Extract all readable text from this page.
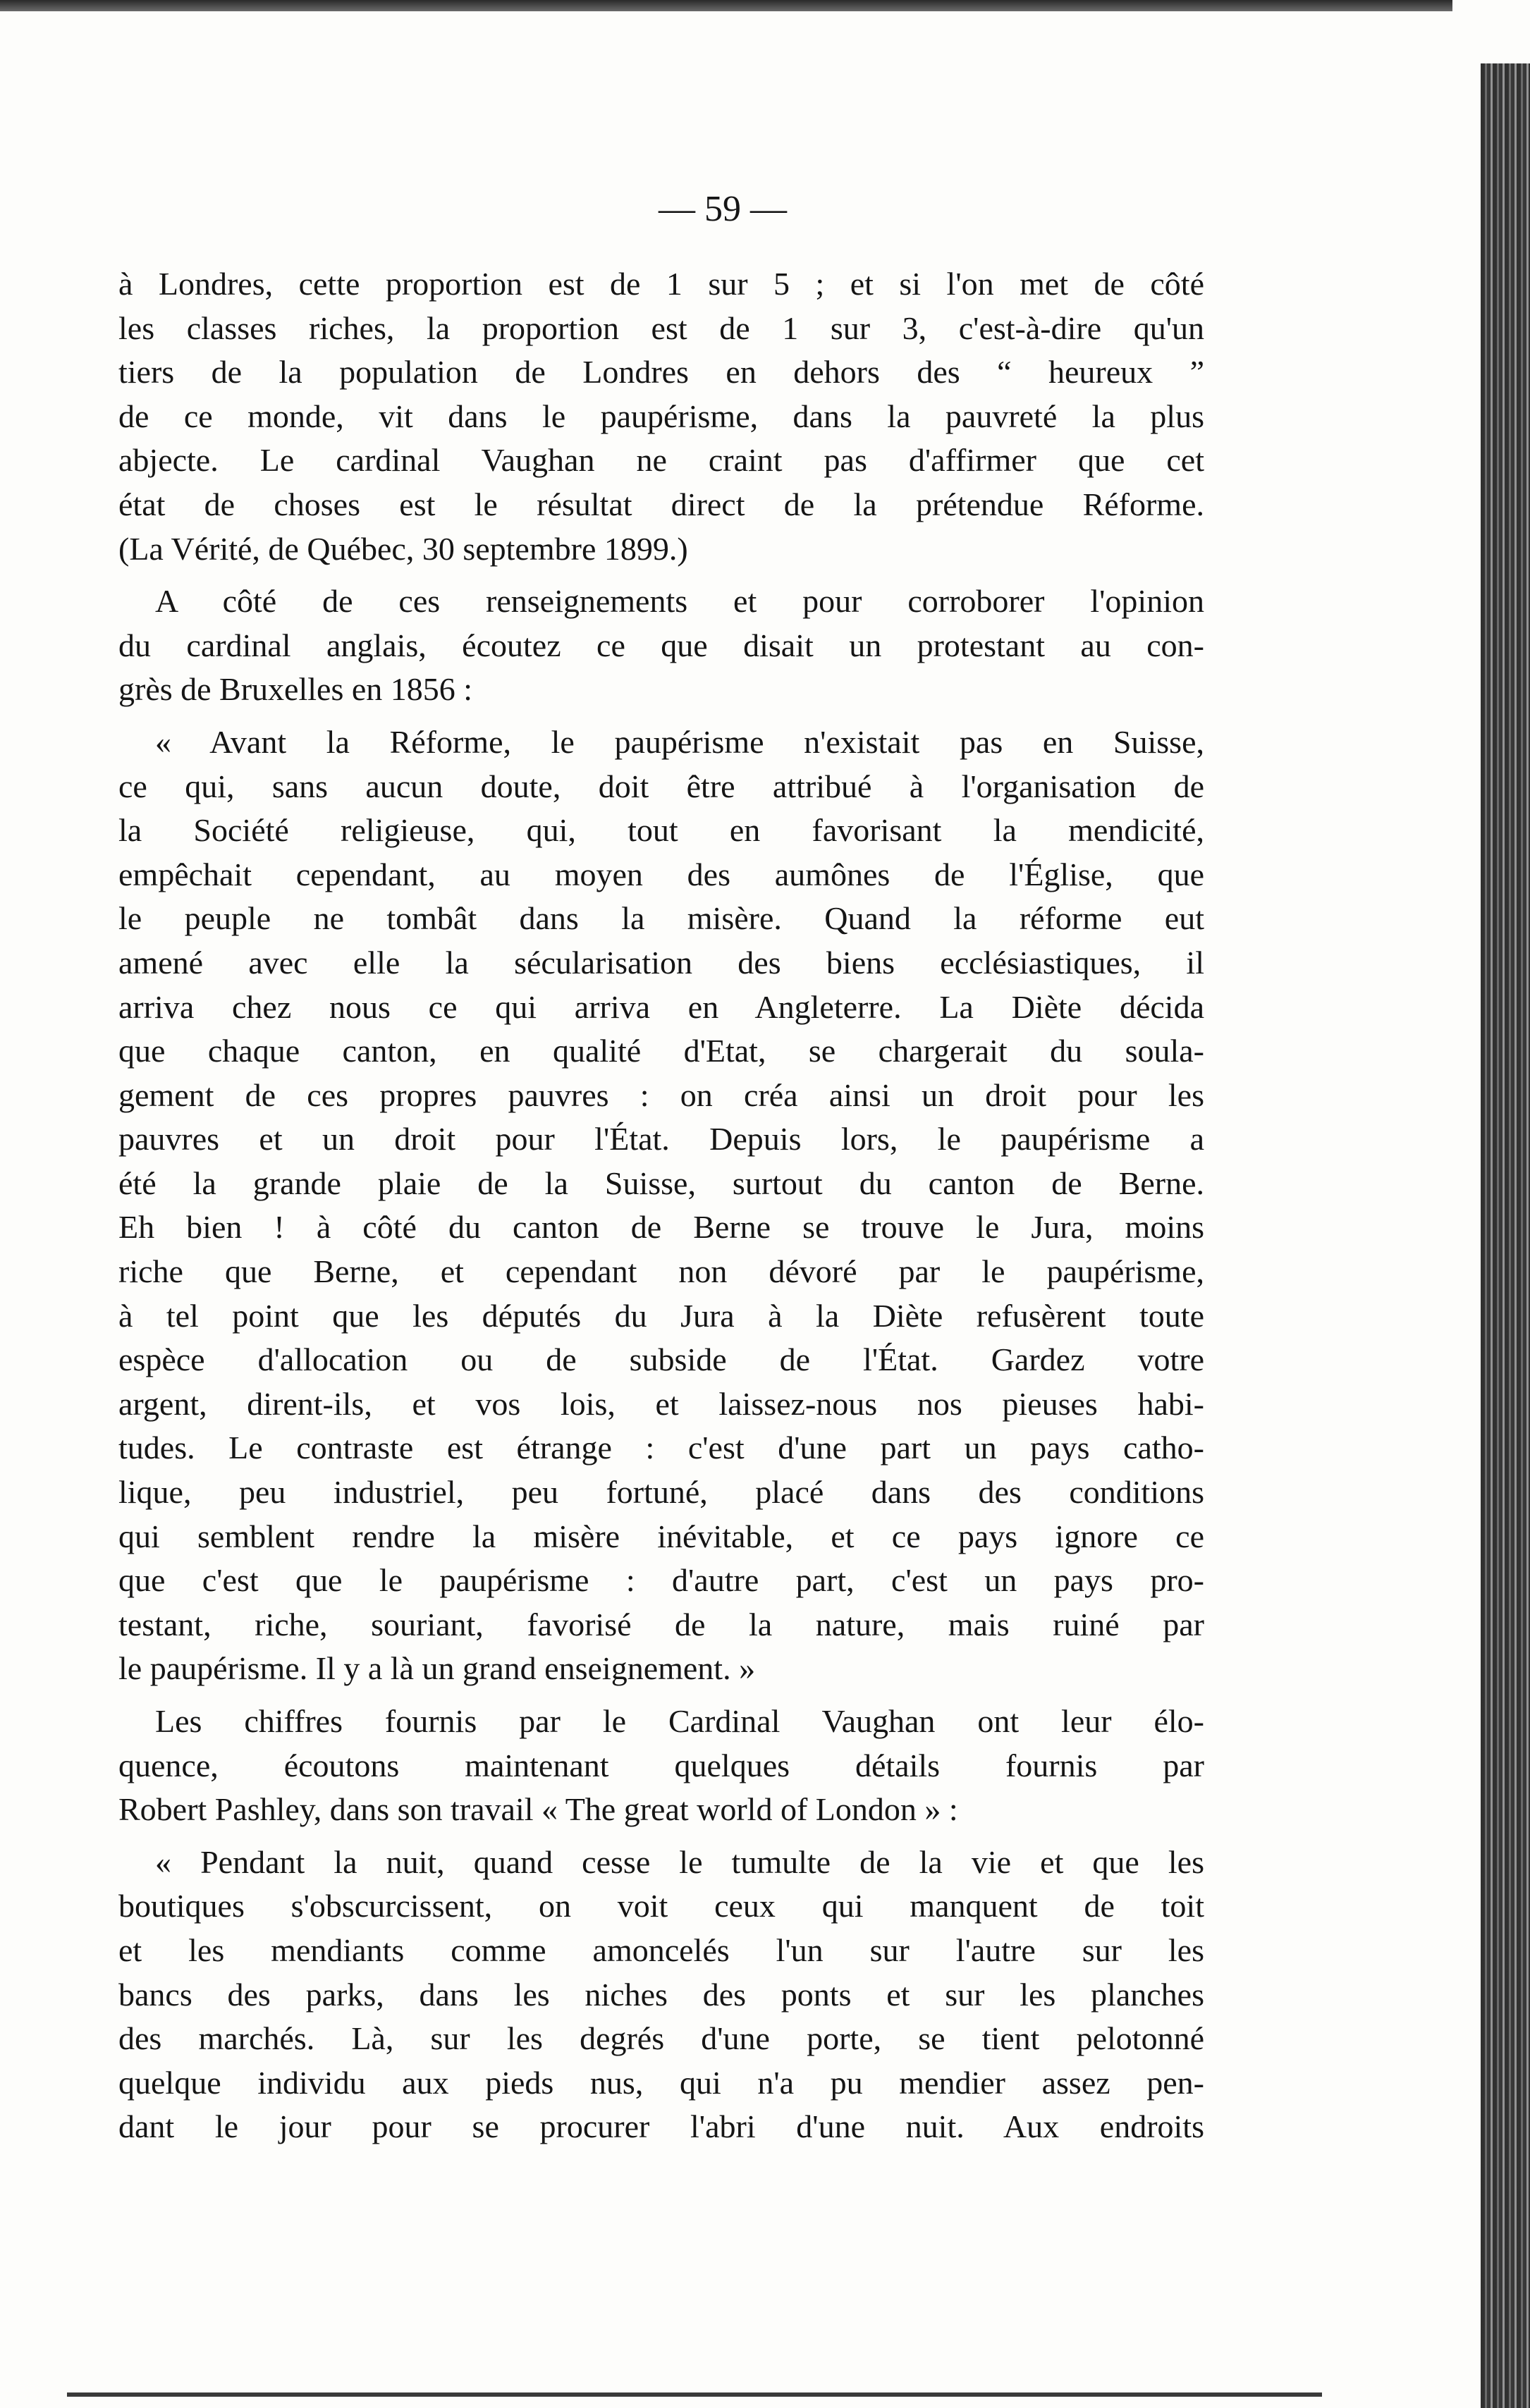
— 59 —
à Londres, cette proportion est de 1 sur 5 ; et si l'on met de côté
les classes riches, la proportion est de 1 sur 3, c'est-à-dire qu'un
tiers de la population de Londres en dehors des “ heureux ”
de ce monde, vit dans le paupérisme, dans la pauvreté la plus
abjecte. Le cardinal Vaughan ne craint pas d'affirmer que cet
état de choses est le résultat direct de la prétendue Réforme.
(La Vérité, de Québec, 30 septembre 1899.)
A côté de ces renseignements et pour corroborer l'opinion
du cardinal anglais, écoutez ce que disait un protestant au con-
grès de Bruxelles en 1856 :
« Avant la Réforme, le paupérisme n'existait pas en Suisse,
ce qui, sans aucun doute, doit être attribué à l'organisation de
la Société religieuse, qui, tout en favorisant la mendicité,
empêchait cependant, au moyen des aumônes de l'Église, que
le peuple ne tombât dans la misère. Quand la réforme eut
amené avec elle la sécularisation des biens ecclésiastiques, il
arriva chez nous ce qui arriva en Angleterre. La Diète décida
que chaque canton, en qualité d'Etat, se chargerait du soula-
gement de ces propres pauvres : on créa ainsi un droit pour les
pauvres et un droit pour l'État. Depuis lors, le paupérisme a
été la grande plaie de la Suisse, surtout du canton de Berne.
Eh bien ! à côté du canton de Berne se trouve le Jura, moins
riche que Berne, et cependant non dévoré par le paupérisme,
à tel point que les députés du Jura à la Diète refusèrent toute
espèce d'allocation ou de subside de l'État. Gardez votre
argent, dirent-ils, et vos lois, et laissez-nous nos pieuses habi-
tudes. Le contraste est étrange : c'est d'une part un pays catho-
lique, peu industriel, peu fortuné, placé dans des conditions
qui semblent rendre la misère inévitable, et ce pays ignore ce
que c'est que le paupérisme : d'autre part, c'est un pays pro-
testant, riche, souriant, favorisé de la nature, mais ruiné par
le paupérisme. Il y a là un grand enseignement. »
Les chiffres fournis par le Cardinal Vaughan ont leur élo-
quence, écoutons maintenant quelques détails fournis par
Robert Pashley, dans son travail « The great world of London » :
« Pendant la nuit, quand cesse le tumulte de la vie et que les
boutiques s'obscurcissent, on voit ceux qui manquent de toit
et les mendiants comme amoncelés l'un sur l'autre sur les
bancs des parks, dans les niches des ponts et sur les planches
des marchés. Là, sur les degrés d'une porte, se tient pelotonné
quelque individu aux pieds nus, qui n'a pu mendier assez pen-
dant le jour pour se procurer l'abri d'une nuit. Aux endroits
